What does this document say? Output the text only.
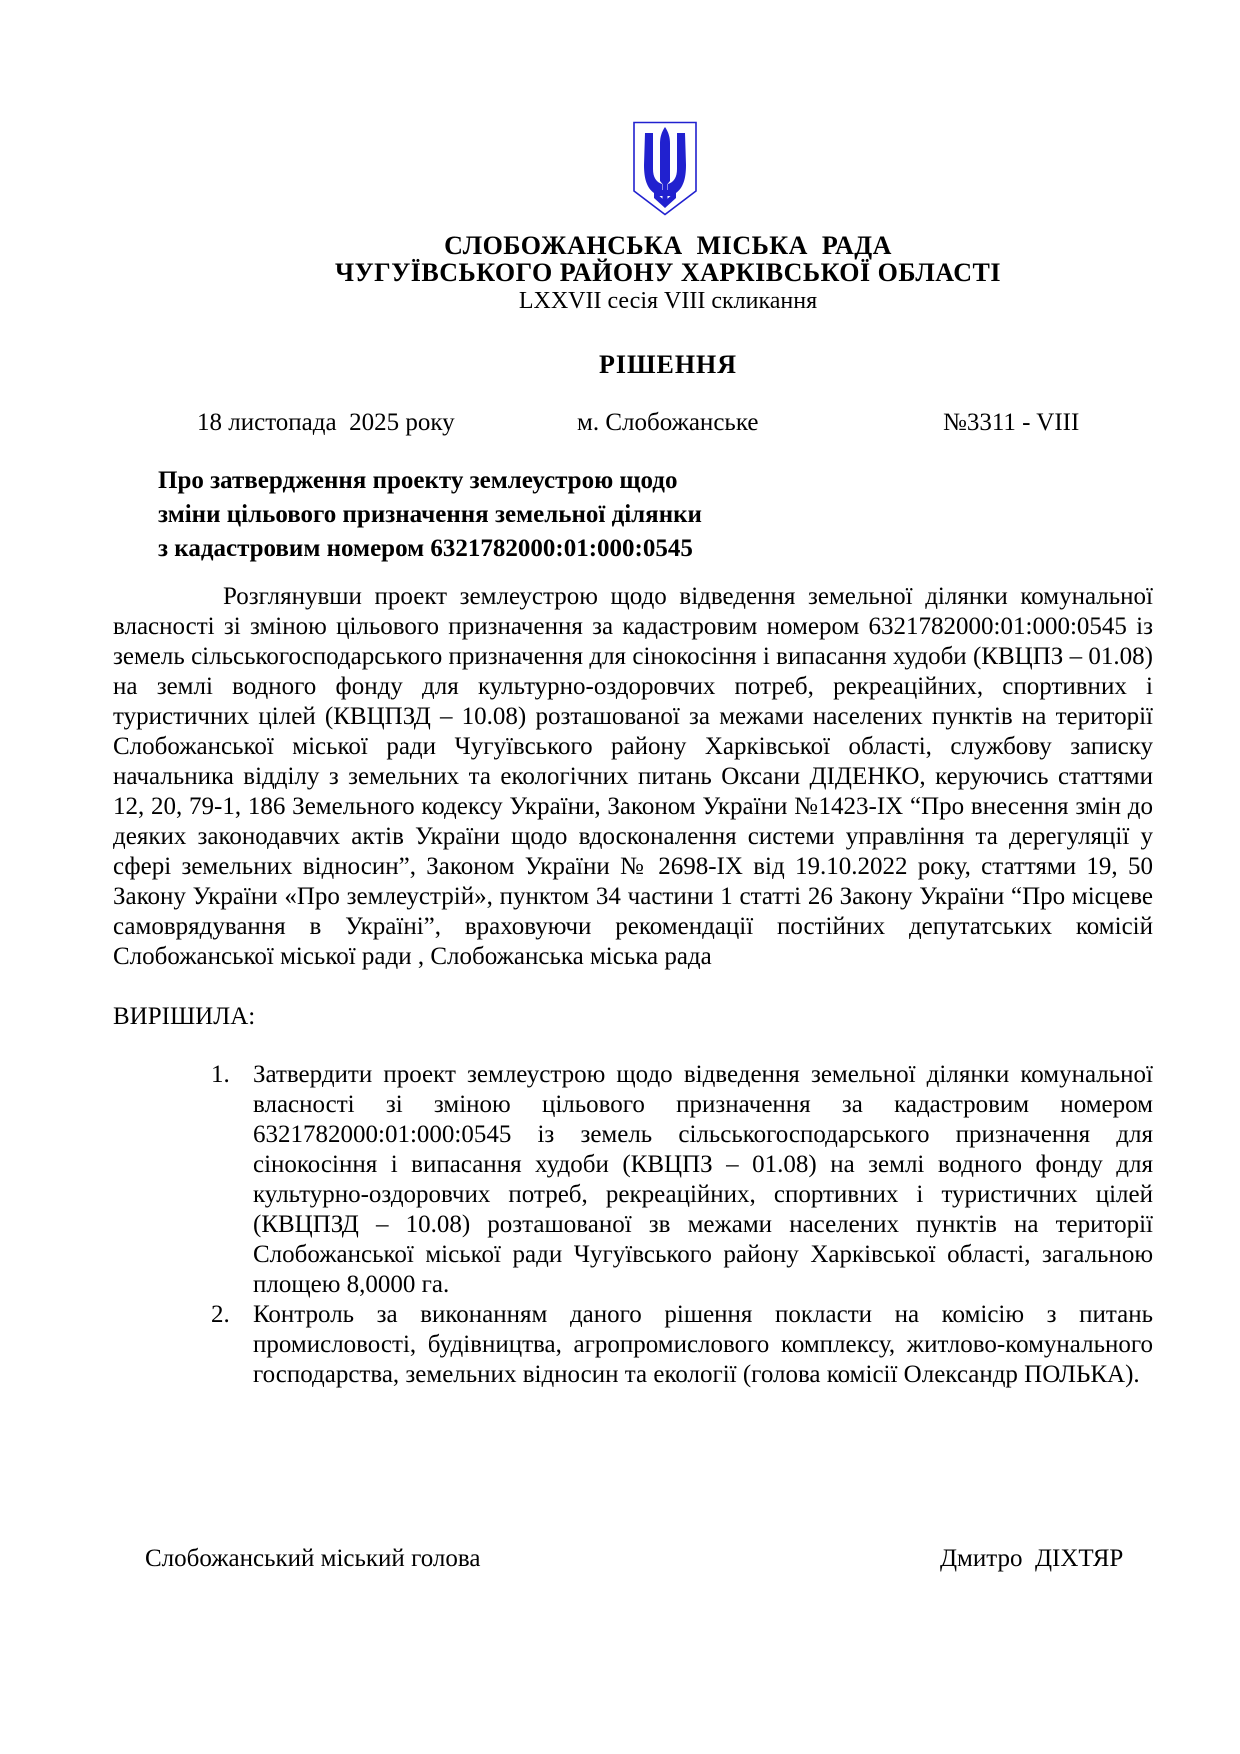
СЛОБОЖАНСЬКА  МІСЬКА  РАДА
ЧУГУЇВСЬКОГО РАЙОНУ ХАРКІВСЬКОЇ ОБЛАСТІ
LXXVII сесія VIII скликання
РІШЕННЯ
18 листопада  2025 року	м. Слобожанське	№3311 - VIII
Про затвердження проекту землеустрою щодо
зміни цільового призначення земельної ділянки
з кадастровим номером 6321782000:01:000:0545

Розглянувши проект землеустрою щодо відведення земельної ділянки комунальної власності зі зміною цільового призначення за кадастровим номером 6321782000:01:000:0545 із земель сільськогосподарського призначення для сінокосіння і випасання худоби (КВЦПЗ – 01.08) на землі водного фонду для культурно-оздоровчих потреб, рекреаційних, спортивних і туристичних цілей (КВЦПЗД – 10.08) розташованої за межами населених пунктів на території Слобожанської міської ради Чугуївського району Харківської області, службову записку начальника відділу з земельних та екологічних питань Оксани ДІДЕНКО, керуючись статтями 12, 20, 79-1, 186 Земельного кодексу України, Законом України №1423-ІХ “Про внесення змін до деяких законодавчих актів України щодо вдосконалення системи управління та дерегуляції у сфері земельних відносин”, Законом України № 2698-ІХ від 19.10.2022 року, статтями 19, 50 Закону України «Про землеустрій», пунктом 34 частини 1 статті 26 Закону України “Про місцеве самоврядування в Україні”, враховуючи рекомендації постійних депутатських комісій Слобожанської міської ради , Слобожанська міська рада

ВИРІШИЛА:
1. Затвердити проект землеустрою щодо відведення земельної ділянки комунальної власності зі зміною цільового призначення за кадастровим номером 6321782000:01:000:0545 із земель сільськогосподарського призначення для сінокосіння і випасання худоби (КВЦПЗ – 01.08) на землі водного фонду для культурно-оздоровчих потреб, рекреаційних, спортивних і туристичних цілей (КВЦПЗД – 10.08) розташованої зв межами населених пунктів на території Слобожанської міської ради Чугуївського району Харківської області, загальною площею 8,0000 га.
2. Контроль за виконанням даного рішення покласти на комісію з питань промисловості, будівництва, агропромислового комплексу, житлово-комунального господарства, земельних відносин та екології (голова комісії Олександр ПОЛЬКА).
Слобожанський міський голова	Дмитро  ДІХТЯР
